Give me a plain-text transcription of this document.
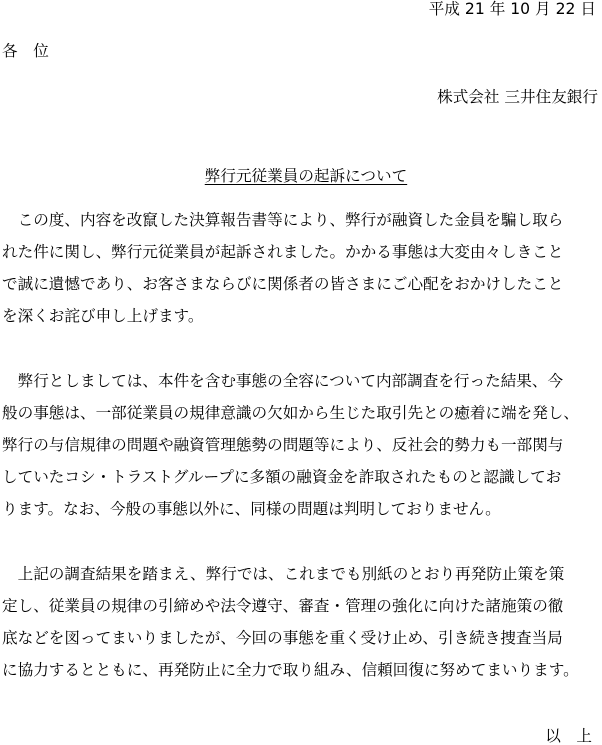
平成 21 年 10 月 22 日
各　位
株式会社 三井住友銀行

弊行元従業員の起訴について

　この度、内容を改竄した決算報告書等により、弊行が融資した金員を騙し取ら

れた件に関し、弊行元従業員が起訴されました。かかる事態は大変由々しきこと

で誠に遺憾であり、お客さまならびに関係者の皆さまにご心配をおかけしたこと

を深くお詫び申し上げます。

　弊行としましては、本件を含む事態の全容について内部調査を行った結果、今

般の事態は、一部従業員の規律意識の欠如から生じた取引先との癒着に端を発し、

弊行の与信規律の問題や融資管理態勢の問題等により、反社会的勢力も一部関与

していたコシ・トラストグループに多額の融資金を詐取されたものと認識してお

ります。なお、今般の事態以外に、同様の問題は判明しておりません。

　上記の調査結果を踏まえ、弊行では、これまでも別紙のとおり再発防止策を策

定し、従業員の規律の引締めや法令遵守、審査・管理の強化に向けた諸施策の徹

底などを図ってまいりましたが、今回の事態を重く受け止め、引き続き捜査当局

に協力するとともに、再発防止に全力で取り組み、信頼回復に努めてまいります。

以　上
